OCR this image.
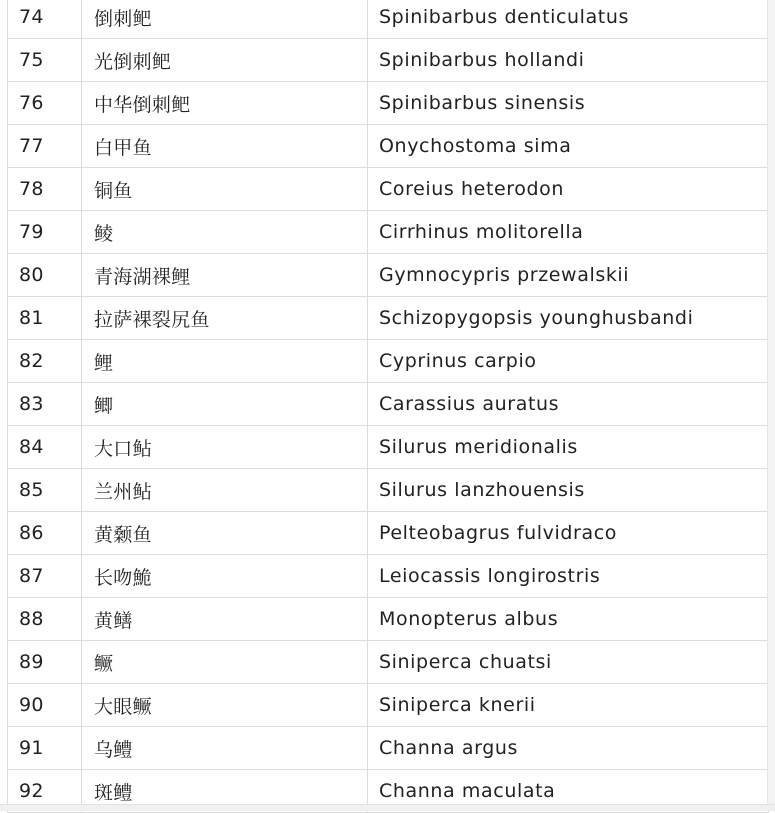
74	倒刺鲃	Spinibarbus denticulatus
75	光倒刺鲃	Spinibarbus hollandi
76	中华倒刺鲃	Spinibarbus sinensis
77	白甲鱼	Onychostoma sima
78	铜鱼	Coreius heterodon
79	鲮	Cirrhinus molitorella
80	青海湖裸鲤	Gymnocypris przewalskii
81	拉萨裸裂尻鱼	Schizopygopsis younghusbandi
82	鲤	Cyprinus carpio
83	鲫	Carassius auratus
84	大口鲇	Silurus meridionalis
85	兰州鲇	Silurus lanzhouensis
86	黄颡鱼	Pelteobagrus fulvidraco
87	长吻鮠	Leiocassis longirostris
88	黄鳝	Monopterus albus
89	鳜	Siniperca chuatsi
90	大眼鳜	Siniperca knerii
91	乌鳢	Channa argus
92	斑鳢	Channa maculata
